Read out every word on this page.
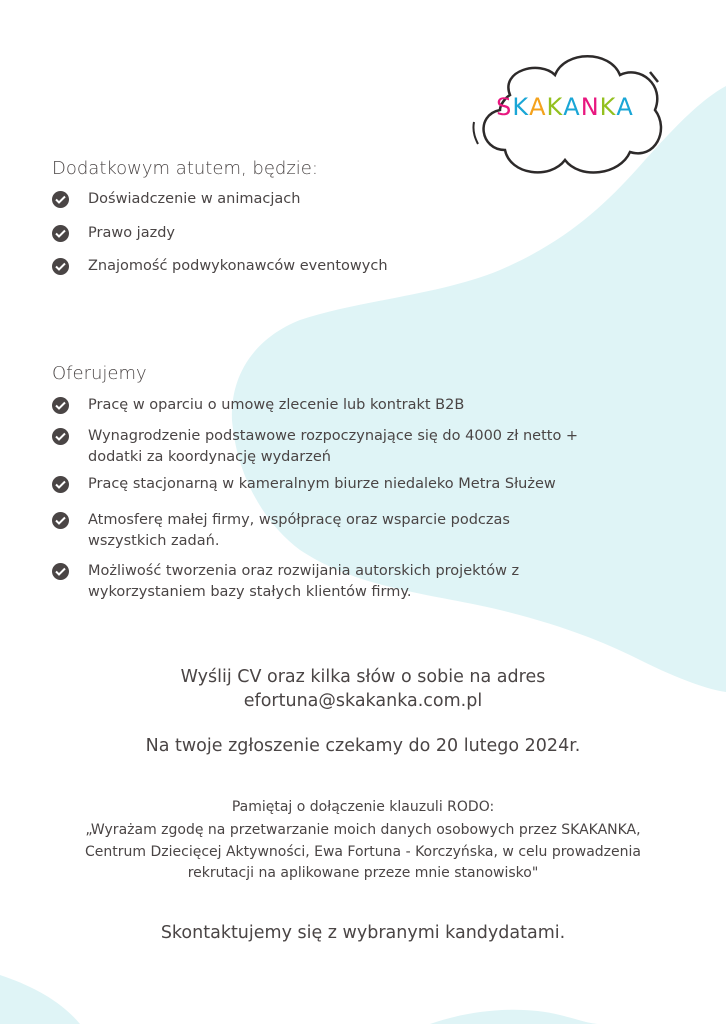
SKAKANKA
Dodatkowym atutem, będzie:
Doświadczenie w animacjach
Prawo jazdy
Znajomość podwykonawców eventowych
Oferujemy
Pracę w oparciu o umowę zlecenie lub kontrakt B2B
Wynagrodzenie podstawowe rozpoczynające się do 4000 zł netto +
dodatki za koordynację wydarzeń
Pracę stacjonarną w kameralnym biurze niedaleko Metra Służew
Atmosferę małej firmy, współpracę oraz wsparcie podczas
wszystkich zadań.
Możliwość tworzenia oraz rozwijania autorskich projektów z
wykorzystaniem bazy stałych klientów firmy.
Wyślij CV oraz kilka słów o sobie na adres
efortuna@skakanka.com.pl
Na twoje zgłoszenie czekamy do 20 lutego 2024r.
Pamiętaj o dołączenie klauzuli RODO:
„Wyrażam zgodę na przetwarzanie moich danych osobowych przez SKAKANKA,
Centrum Dziecięcej Aktywności, Ewa Fortuna - Korczyńska, w celu prowadzenia
rekrutacji na aplikowane przeze mnie stanowisko"
Skontaktujemy się z wybranymi kandydatami.
